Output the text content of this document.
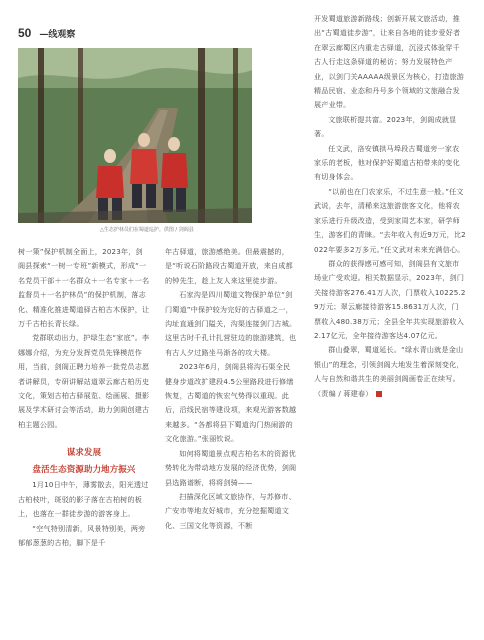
50 —线观察
△生态护林员们在蜀道巡护。供图 / 剑阁县

树一策”保护机制全面上，2023年，剑阁县探索“一树一专班”新模式，形成“一名党员干部＋一名群众＋一名专家＋一名监督员＋一名护林员”的保护机制，落志化、精准化推进蜀道驿古柏古木保护，让万千古柏长青长绿。

党群联动出力，护绿生态“家底”。李娜娜介绍，为充分发挥党员先锋模范作用，当前，剑阁正聘力培养一批党员志愿者讲解员，专研讲解站道翠云廊古柏历史文化，策划古柏古驿展览、绘画展、摄影展及学术研讨会等活动，助力剑阁创建古柏主题公园。

谋求发展

盘活生态资源助力地方振兴

1月10日中午，薄雾散去，阳光透过古柏枝叶，斑驳的影子落在古柏树的板上，也落在一群徒步游的游客身上。

“空气特别清新，风景特别美，两旁郁郁葱葱的古柏，脚下是千

年古驿道，旅游感绝美。但最震撼的，是“听说石阶路段古蜀道开放，来自成都的钟先生，趁上友人来这里徒步游。

石家沟是四川蜀道文物保护单位“剑门蜀道”中保护较为完好的古驿道之一，沟址直通剑门隘关，沟渠连接剑门古城。这里古时千孔计扎营驻边的旅游建筑，也有古人夕过路坐马渐各的攻大楼。

2023年6月，剑阁县将沟石渠全民健身步道改扩建段4.5公里路段进行修缮恢复，古蜀道的恢宏气势得以重现。此后，沿线民宿等建设项，来观光游客数越来越多。“各都将县下蜀道沟门热闹游的文化旅游。”张丽钦说。

如何将蜀道景点观古柏名木的资源优势转化为带动地方发展的经济优势，剑阁县选路谱断，将将剑骑——

扫描深化区域文旅协作，与苏修市、广安市等地友好城市，充分挖掘蜀道文化、三国文化等资源，不断

开发蜀道旅游新路线；创新开展文旅活动，推出“古蜀道徒步游”，让来自各地的徒步爱好者在翠云廊蜀区内重走古驿道，沉浸式体验穿千古人行走这条驿道的秘访；努力发展特色产业，以剑门关AAAAA级景区为核心，打造旅游精品民宿、业态和丹号多个领域的文旅融合发展产业带。

文旅联析提共富。2023年，剑阁成就显著。

任文武，洛安镇拱马埠段古蜀道旁一家农家乐的老板，他对保护好蜀道古柏带来的变化有切身体会。

“以前也在门农家乐，不过生意一般。”任文武说，去年，清稀来这旅游旅客文化，他将农家乐进行升级改造，受到家周艺本家，研学师生，游客们的青睐。“去年收入有近9万元，比2022年要多2万多元。”任文武对未来充满信心。

群众的获得感可感可知，剑阁县有文旅市场业广受欢迎。相关数据显示，2023年，剑门关接待游客276.41万人次，门票收入10225.29万元；翠云廊接待游客15.8631万人次，门票收入480.38万元；全县全年共实现旅游收入2.17亿元，全年接待游客达4.07亿元。

群山叠翠，蜀道延长。“绿水青山就是金山银山”的理念，引领剑阁大地发生着深刻变化，人与自然和谐共生的美丽剑阁画卷正在续写。（责编 / 蒋建春）
